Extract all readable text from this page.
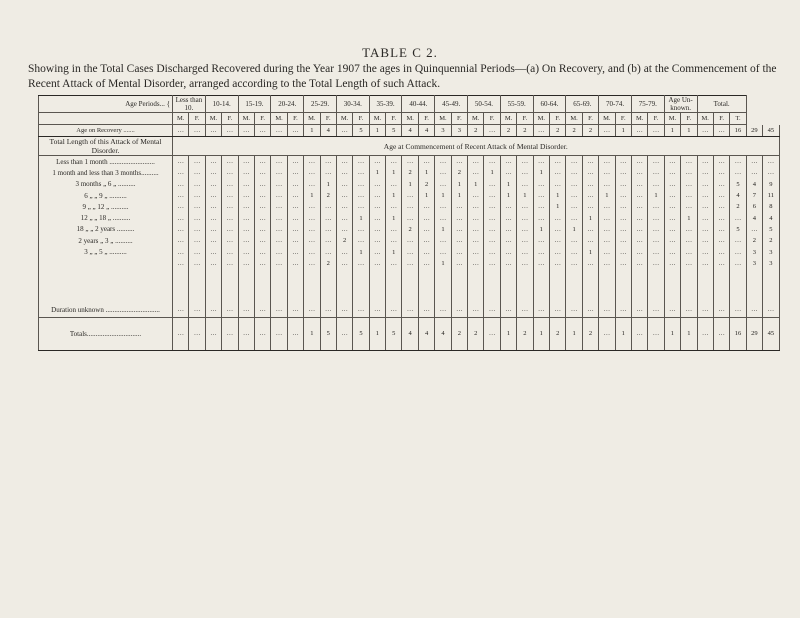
TABLE C 2.
Showing in the Total Cases Discharged Recovered during the Year 1907 the ages in Quinquennial Periods—(a) On Recovery, and (b) at the Commencement of the Recent Attack of Mental Disorder, arranged according to the Total Length of such Attack.
Age Periods... {	Less than 10.		10-14.		15-19.		20-24.		25-29.		30-34.		35-39.		40-44.		45-49.		50-54.		55-59.		60-64.		65-69.		70-74.		75-79.		Age Un-known.		Total.				
	M.	F.	M.	F.	M.	F.	M.	F.	M.	F.	M.	F.	M.	F.	M.	F.	M.	F.	M.	F.	M.	F.	M.	F.	M.	F.	M.	F.	M.	F.	M.	F.	M.	F.	T.		
Age on Recovery .......	…	…	…	…	…	…	…	…	1	4	…	5	1	5	4	4	3	3	2	…	2	2	…	2	2	2	…	1	…	…	1	1	…	…	16	29	45
Total Length of this Attack of Mental Disorder.	Age at Commencement of Recent Attack of Mental Disorder.																																				
Less than 1 month ..........................	…	…	…	…	…	…	…	…	…	…	…	…	…	…	…	…	…	…	…	…	…	…	…	…	…	…	…	…	…	…	…	…	…	…	…	…	…
1 month and less than 3 months..........	…	…	…	…	…	…	…	…	…	…	…	…	1	1	2	1	…	2	…	1	…	…	1	…	…	…	…	…	…	…	…	…	…	…	…	…	…
3 months „ 6 „ ..........	…	…	…	…	…	…	…	…	…	1	…	…	…	…	1	2	…	1	1	…	1	…	…	…	…	…	…	…	…	…	…	…	…	…	5	4	9
6 „ „ 9 „ ..........	…	…	…	…	…	…	…	…	1	2	…	…	…	1	…	1	1	1	…	…	1	1	…	1	…	…	1	…	…	1	…	…	…	…	4	7	11
9 „ „ 12 „ ..........	…	…	…	…	…	…	…	…	…	…	…	…	…	…	…	…	…	…	…	…	…	…	…	1	…	…	…	…	…	…	…	…	…	…	2	6	8
12 „ „ 18 „ ..........	…	…	…	…	…	…	…	…	…	…	…	1	…	1	…	…	…	…	…	…	…	…	…	…	…	1	…	…	…	…	…	1	…	…	…	4	4
18 „ „ 2 years ..........	…	…	…	…	…	…	…	…	…	…	…	…	…	…	2	…	1	…	…	…	…	…	1	…	1	…	…	…	…	…	…	…	…	…	5	…	5
2 years „ 3 „ ..........	…	…	…	…	…	…	…	…	…	…	2	…	…	…	…	…	…	…	…	…	…	…	…	…	…	…	…	…	…	…	…	…	…	…	…	2	2
3 „ „ 5 „ ..........	…	…	…	…	…	…	…	…	…	…	…	1	…	1	…	…	…	…	…	…	…	…	…	…	…	1	…	…	…	…	…	…	…	…	…	3	3
	…	…	…	…	…	…	…	…	…	2	…	…	…	…	…	…	1	…	…	…	…	…	…	…	…	…	…	…	…	…	…	…	…	…	…	3	3

Duration unknown ...............................	…	…	…	…	…	…	…	…	…	…	…	…	…	…	…	…	…	…	…	…	…	…	…	…	…	…	…	…	…	…	…	…	…	…	…	…	…
Totals...............................	…	…	…	…	…	…	…	…	1	5	…	5	1	5	4	4	4	2	2	…	1	2	1	2	1	2	…	1	…	…	1	1	…	…	16	29	45
